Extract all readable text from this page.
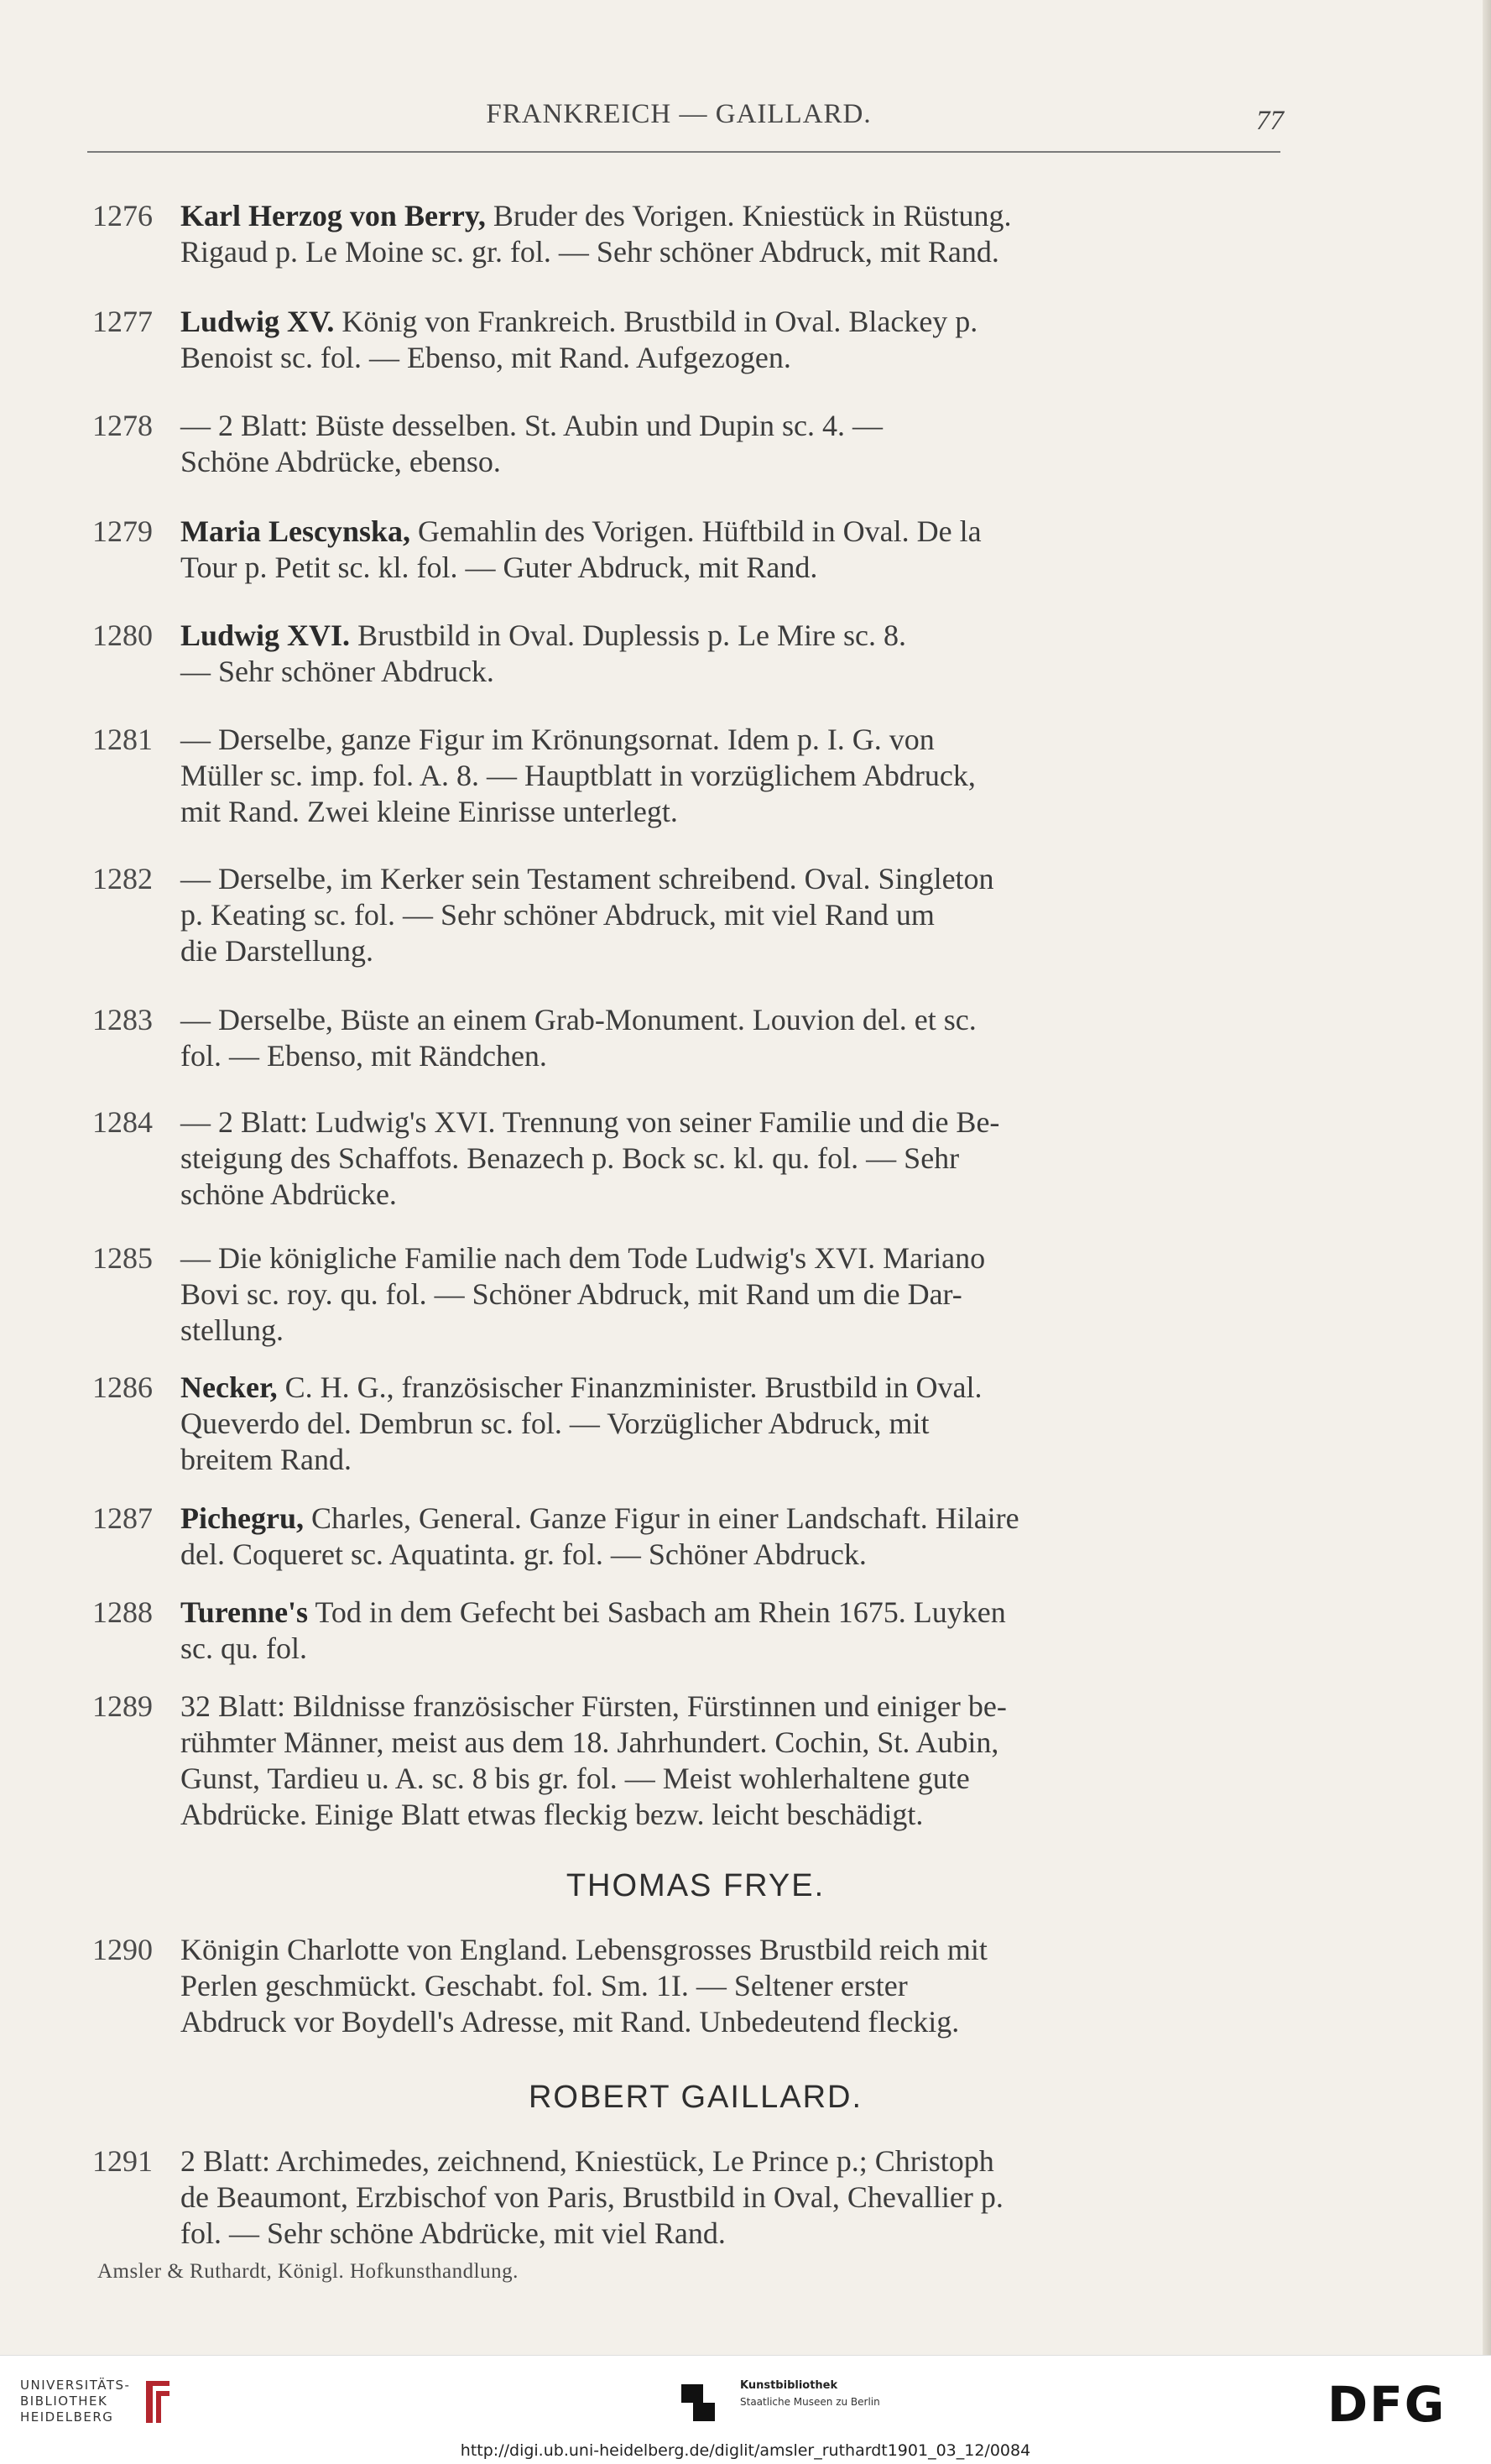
FRANKREICH — GAILLARD.	77
1276 Karl Herzog von Berry, Bruder des Vorigen. Kniestück in Rüstung.
Rigaud p. Le Moine sc. gr. fol. — Sehr schöner Abdruck, mit Rand.
1277 Ludwig XV. König von Frankreich. Brustbild in Oval. Blackey p.
Benoist sc. fol. — Ebenso, mit Rand. Aufgezogen.
1278 — 2 Blatt: Büste desselben. St. Aubin und Dupin sc. 4. —
Schöne Abdrücke, ebenso.
1279 Maria Lescynska, Gemahlin des Vorigen. Hüftbild in Oval. De la
Tour p. Petit sc. kl. fol. — Guter Abdruck, mit Rand.
1280 Ludwig XVI. Brustbild in Oval. Duplessis p. Le Mire sc. 8.
— Sehr schöner Abdruck.
1281 — Derselbe, ganze Figur im Krönungsornat. Idem p. I. G. von
Müller sc. imp. fol. A. 8. — Hauptblatt in vorzüglichem Abdruck,
mit Rand. Zwei kleine Einrisse unterlegt.
1282 — Derselbe, im Kerker sein Testament schreibend. Oval. Singleton
p. Keating sc. fol. — Sehr schöner Abdruck, mit viel Rand um
die Darstellung.
1283 — Derselbe, Büste an einem Grab-Monument. Louvion del. et sc.
fol. — Ebenso, mit Rändchen.
1284 — 2 Blatt: Ludwig's XVI. Trennung von seiner Familie und die Be-
steigung des Schaffots. Benazech p. Bock sc. kl. qu. fol. — Sehr
schöne Abdrücke.
1285 — Die königliche Familie nach dem Tode Ludwig's XVI. Mariano
Bovi sc. roy. qu. fol. — Schöner Abdruck, mit Rand um die Dar-
stellung.
1286 Necker, C. H. G., französischer Finanzminister. Brustbild in Oval.
Queverdo del. Dembrun sc. fol. — Vorzüglicher Abdruck, mit
breitem Rand.
1287 Pichegru, Charles, General. Ganze Figur in einer Landschaft. Hilaire
del. Coqueret sc. Aquatinta. gr. fol. — Schöner Abdruck.
1288 Turenne's Tod in dem Gefecht bei Sasbach am Rhein 1675. Luyken
sc. qu. fol.
1289 32 Blatt: Bildnisse französischer Fürsten, Fürstinnen und einiger be-
rühmter Männer, meist aus dem 18. Jahrhundert. Cochin, St. Aubin,
Gunst, Tardieu u. A. sc. 8 bis gr. fol. — Meist wohlerhaltene gute
Abdrücke. Einige Blatt etwas fleckig bezw. leicht beschädigt.
THOMAS FRYE.
1290 Königin Charlotte von England. Lebensgrosses Brustbild reich mit
Perlen geschmückt. Geschabt. fol. Sm. 1I. — Seltener erster
Abdruck vor Boydell's Adresse, mit Rand. Unbedeutend fleckig.
ROBERT GAILLARD.
1291 2 Blatt: Archimedes, zeichnend, Kniestück, Le Prince p.; Christoph
de Beaumont, Erzbischof von Paris, Brustbild in Oval, Chevallier p.
fol. — Sehr schöne Abdrücke, mit viel Rand.
Amsler & Ruthardt, Königl. Hofkunsthandlung.
UNIVERSITÄTS-
BIBLIOTHEK
HEIDELBERG
Kunstbibliothek
Staatliche Museen zu Berlin	DFG
http://digi.ub.uni-heidelberg.de/diglit/amsler_ruthardt1901_03_12/0084
